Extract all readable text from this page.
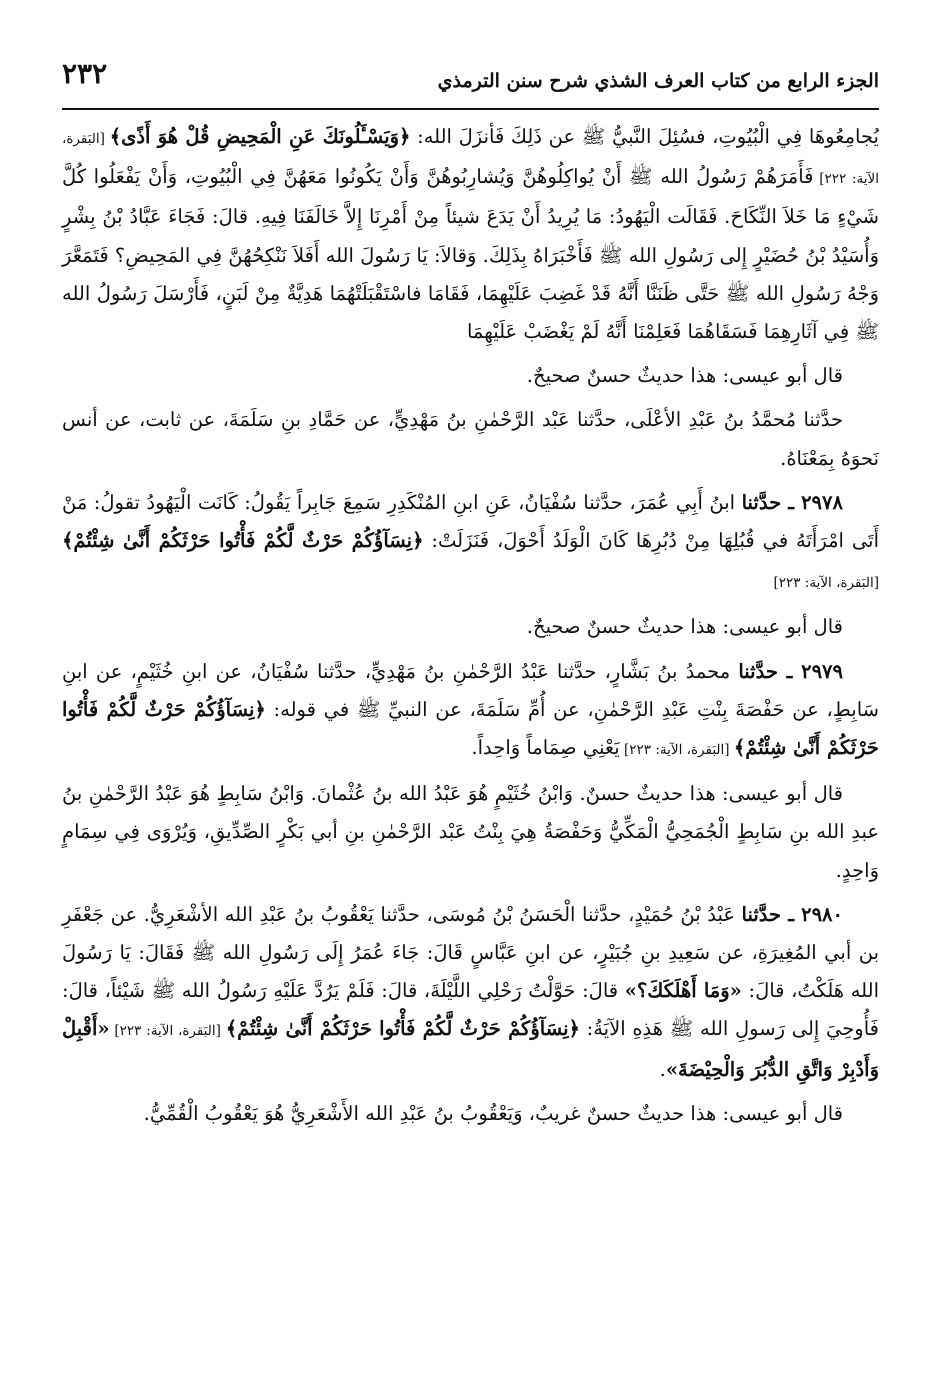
الجزء الرابع من كتاب العرف الشذي شرح سنن الترمذي
٢٣٢

يُجامِعُوهَا فِي الْبُيُوتِ، فسُئِلَ النَّبيُّ ﷺ عن ذَلِكَ فَأنزَلَ الله: ﴿وَيَسْـَٔلُونَكَ عَنِ الْمَحِيضِ قُلْ هُوَ أَذًى﴾ [البَقرة، الآية: ٢٢٢] فَأَمَرَهُمْ رَسُولُ الله ﷺ أَنْ يُواكِلُوهُنَّ وَيُشارِبُوهُنَّ وَأَنْ يَكُونُوا مَعَهُنَّ فِي الْبُيُوتِ، وَأَنْ يَفْعَلُوا كُلَّ شَيْءٍ مَا خَلاَ النِّكَاحَ. فَقَالَت الْيَهُودُ: مَا يُرِيدُ أَنْ يَدَعَ شيئاً مِنْ أَمْرِنَا إِلاَّ خَالَفَنَا فِيهِ. قالَ: فَجَاءَ عَبَّادُ بْنُ بِشْرٍ وَأُسَيْدُ بْنُ حُضَيْرٍ إِلى رَسُولِ الله ﷺ فَأَخْبَرَاهُ بِذَلِكَ. وَقالاَ: يَا رَسُولَ الله أَفَلاَ نَنْكِحُهُنَّ فِي المَحِيضِ؟ فَتَمَعَّرَ وَجْهُ رَسُولِ الله ﷺ حَتَّى ظَنَنَّا أَنَّهُ قَدْ غَضِبَ عَلَيْهِمَا، فَقَامَا فاسْتَقْبَلَتْهُمَا هَدِيَّةٌ مِنْ لَبَنٍ، فَأَرْسَلَ رَسُولُ الله ﷺ فِي آثَارِهِمَا فَسَقَاهُمَا فَعَلِمْنَا أَنَّهُ لَمْ يَغْضَبْ عَلَيْهِمَا

قال أبو عيسى: هذا حديثٌ حسنٌ صحيحٌ.

حدَّثنا مُحمَّدُ بنُ عَبْدِ الأعْلَى، حدَّثنا عَبْد الرَّحْمٰنِ بنُ مَهْدِيٍّ، عن حَمَّادِ بنِ سَلَمَةَ، عن ثابت، عن أنس نَحوَهُ بِمَعْنَاهُ.

٢٩٧٨ ـ حدَّثنا ابنُ أَبِي عُمَرَ، حدَّثنا سُفْيَانُ، عَنِ ابنِ المُنْكَدِرِ سَمِعَ جَابِراً يَقُولُ: كَانَت الْيَهُودُ تقولُ: مَنْ أَتَى امْرَأَتَهُ في قُبُلِهَا مِنْ دُبُرِهَا كَانَ الْوَلَدُ أَحْوَلَ، فَنَزَلَتْ: ﴿نِسَآؤُكُمْ حَرْثٌ لَّكُمْ فَأْتُوا حَرْثَكُمْ أَنَّىٰ شِئْتُمْ﴾ [البَقرة، الآية: ٢٢٣]

قال أبو عيسى: هذا حديثٌ حسنٌ صحيحٌ.

٢٩٧٩ ـ حدَّثنا محمدُ بنُ بَشَّارٍ، حدَّثنا عَبْدُ الرَّحْمٰنِ بنُ مَهْدِيٍّ، حدَّثنا سُفْيَانُ، عن ابنِ خُثَيْمٍ، عن ابنِ سَابِطٍ، عن حَفْصَةَ بِنْتِ عَبْدِ الرَّحْمٰنِ، عن أُمِّ سَلَمَةَ، عن النبيِّ ﷺ في قوله: ﴿نِسَآؤُكُمْ حَرْثٌ لَّكُمْ فَأْتُوا حَرْثَكُمْ أَنَّىٰ شِئْتُمْ﴾ [البَقرة، الآية: ٢٢٣] يَعْنِي صِمَاماً وَاحِداً.

قال أبو عيسى: هذا حديثٌ حسنٌ. وَابْنُ خُثَيْمٍ هُوَ عَبْدُ الله بنُ عُثْمانَ. وَابْنُ سَابِطٍ هُوَ عَبْدُ الرَّحْمٰنِ بنُ عبدِ الله بنِ سَابِطٍ الْجُمَحِيُّ الْمَكِّيُّ وَحَفْصَةُ هِيَ بِنْتُ عَبْد الرَّحْمٰنِ بنِ أبي بَكْرٍ الصِّدِّيقِ، وَيُرْوَى فِي سِمَامٍ وَاحِدٍ.

٢٩٨٠ ـ حدَّثنا عَبْدُ بْنُ حُمَيْدٍ، حدَّثنا الْحَسَنُ بْنُ مُوسَى، حدَّثنا يَعْقُوبُ بنُ عَبْدِ الله الأشْعَرِيُّ. عن جَعْفَرِ بن أبي المُغِيرَةِ، عن سَعِيدِ بنِ جُبَيْرٍ، عن ابنِ عَبَّاسٍ قَالَ: جَاءَ عُمَرُ إِلَى رَسُولِ الله ﷺ فَقَالَ: يَا رَسُولَ الله هَلَكْتُ، قالَ: «وَمَا أَهْلَكَكَ؟» قالَ: حَوَّلْتُ رَحْلِي اللَّيْلَةَ، قالَ: فَلَمْ يَرُدَّ عَلَيْهِ رَسُولُ الله ﷺ شَيْئاً، قالَ: فَأُوحِيَ إِلى رَسولِ الله ﷺ هَذِهِ الآيَةُ: ﴿نِسَآؤُكُمْ حَرْثٌ لَّكُمْ فَأْتُوا حَرْثَكُمْ أَنَّىٰ شِئْتُمْ﴾ [البَقرة، الآية: ٢٢٣] «أَقْبِلْ وَأَدْبِرْ وَاتَّقِ الدُّبُرَ وَالْحِيْضَةَ».

قال أبو عيسى: هذا حديثٌ حسنٌ غريبٌ، وَيَعْقُوبُ بنُ عَبْدِ الله الأَشْعَرِيُّ هُوَ يَعْقُوبُ الْقُمِّيُّ.
